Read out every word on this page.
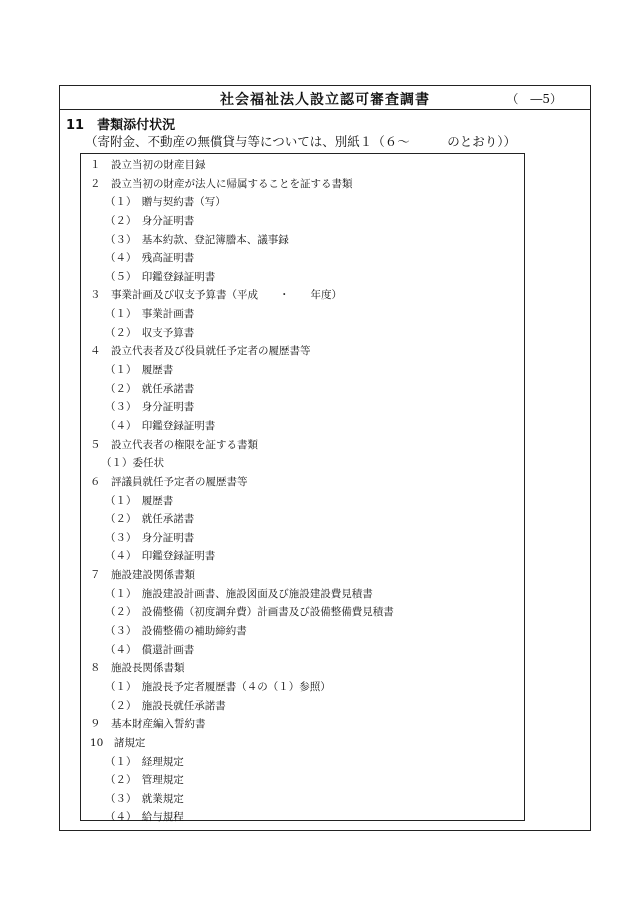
社会福祉法人設立認可審査調書	（　―5）
11　書類添付状況
（寄附金、不動産の無償貸与等については、別紙１（６～　　　のとおり））
１　設立当初の財産目録
２　設立当初の財産が法人に帰属することを証する書類
（１）　贈与契約書（写）
（２）　身分証明書
（３）　基本約款、登記簿謄本、議事録
（４）　残高証明書
（５）　印鑑登録証明書
３　事業計画及び収支予算書（平成　　・　　年度）
（１）　事業計画書
（２）　収支予算書
４　設立代表者及び役員就任予定者の履歴書等
（１）　履歴書
（２）　就任承諾書
（３）　身分証明書
（４）　印鑑登録証明書
５　設立代表者の権限を証する書類
（１）委任状
６　評議員就任予定者の履歴書等
（１）　履歴書
（２）　就任承諾書
（３）　身分証明書
（４）　印鑑登録証明書
７　施設建設関係書類
（１）　施設建設計画書、施設図面及び施設建設費見積書
（２）　設備整備（初度調弁費）計画書及び設備整備費見積書
（３）　設備整備の補助締約書
（４）　償還計画書
８　施設長関係書類
（１）　施設長予定者履歴書（４の（１）参照）
（２）　施設長就任承諾書
９　基本財産編入誓約書
10　諸規定
（１）　経理規定
（２）　管理規定
（３）　就業規定
（４）　給与規程
